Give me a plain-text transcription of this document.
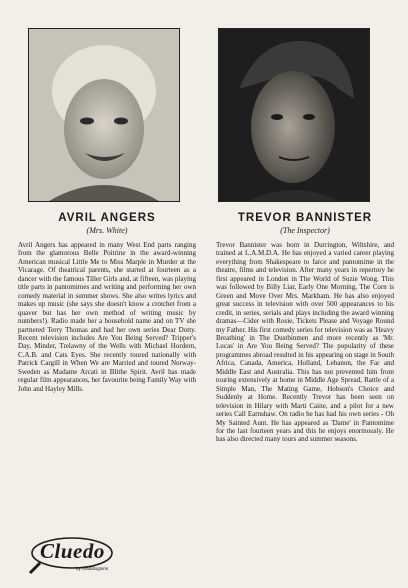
AVRIL ANGERS

(Mrs. White)

Avril Angers has appeared in many West End parts ranging from the glamorous Belle Poitrine in the award-winning American musical Little Me to Miss Marple in Murder at the Vicarage. Of theatrical parents, she started at fourteen as a dancer with the famous Tiller Girls and, at fifteen, was playing title parts in pantomimes and writing and performing her own comedy material in summer shows. She also writes lyrics and makes up music (she says she doesn't know a crotchet from a quaver but has her own method of writing music by numbers!). Radio made her a household name and on TV she partnered Terry Thomas and had her own series Dear Dotty. Recent television includes Are You Being Served? Tripper's Day, Minder, Trelawny of the Wells with Michael Hordern, C.A.B. and Cats Eyes. She recently toured nationally with Patrick Cargill in When We are Married and toured Norway-Sweden as Madame Arcati in Blithe Spirit. Avril has made regular film appearances, her favourite being Family Way with John and Hayley Mills.

TREVOR BANNISTER

(The Inspector)

Trevor Bannister was born in Durrington, Wiltshire, and trained at L.A.M.D.A. He has enjoyed a varied career playing everything from Shakespeare to farce and pantomime in the theatre, films and television. After many years in repertory he first appeared in London in The World of Suzie Wong. This was followed by Billy Liar, Early One Morning, The Corn is Green and Move Over Mrs. Markham. He has also enjoyed great success in television with over 500 appearances to his credit, in series, serials and plays including the award winning dramas—Cider with Rosie, Tickets Please and Voyage Round my Father. His first comedy series for television was as 'Heavy Breathing' in The Dustbinmen and more recently as 'Mr. Lucas' in Are You Being Served? The popularity of these programmes abroad resulted in his appearing on stage in South Africa, Canada, America, Holland, Lebanon, the Far and Middle East and Australia. This has not prevented him from touring extensively at home in Middle Age Spread, Rattle of a Simple Man, The Mating Game, Hobson's Choice and Suddenly at Home. Recently Trevor has been seen on television in Hilary with Marti Caine, and a pilot for a new series Call Earnshaw. On radio he has had his own series - Oh My Sainted Aunt. He has appeared as 'Dame' in Pantomime for the last fourteen years and this he enjoys enormously. He has also directed many tours and summer seasons.

Cluedo
by Waddingtons
